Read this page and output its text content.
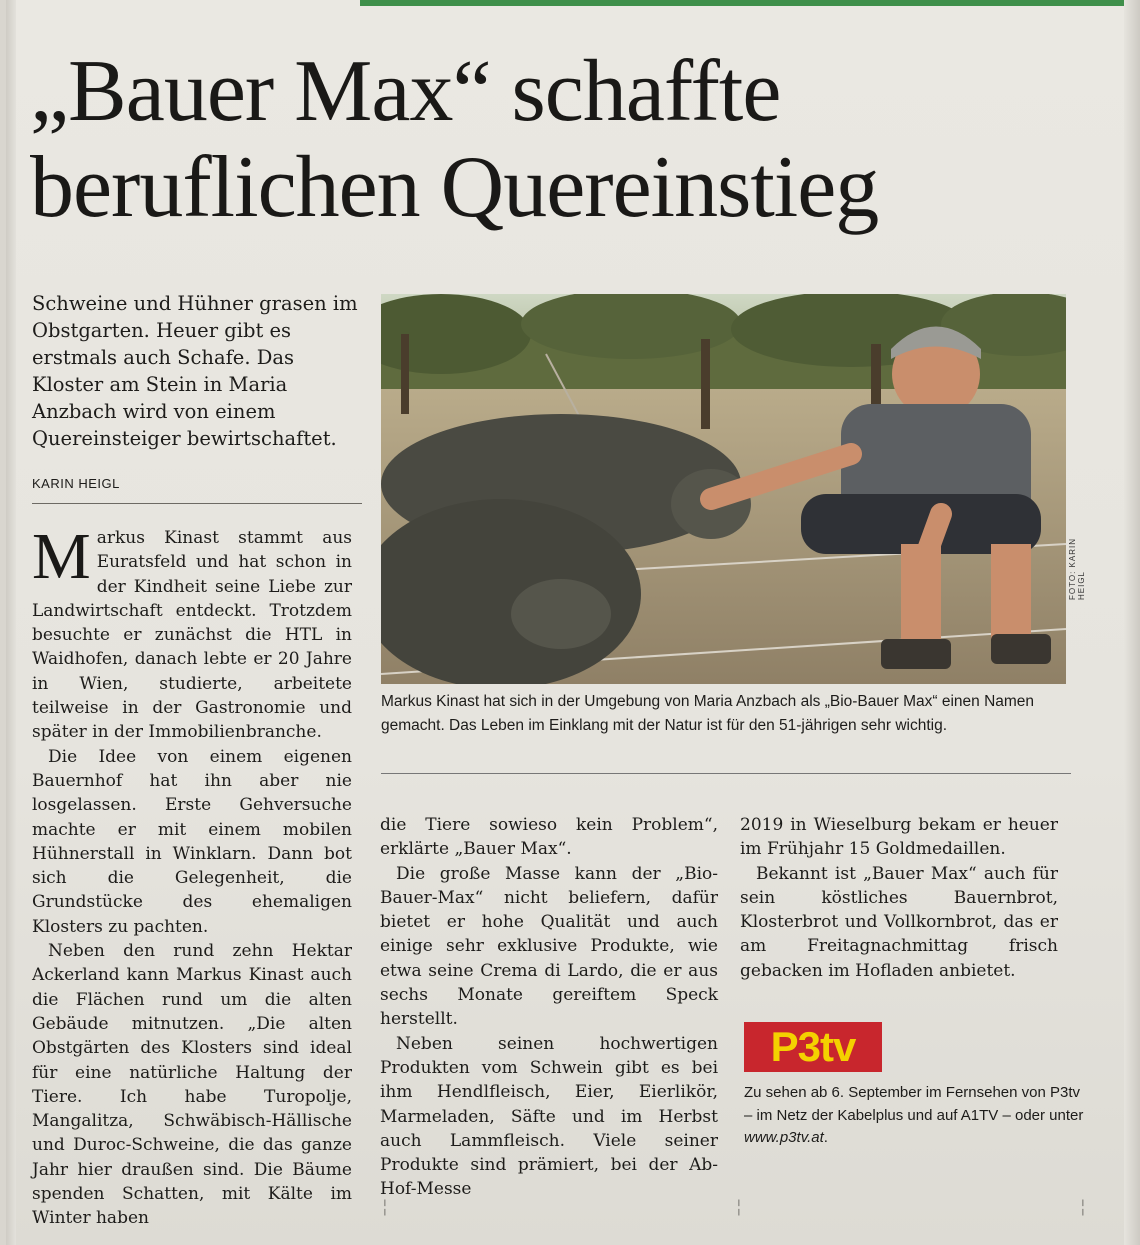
„Bauer Max“ schaffte beruflichen Quereinstieg
Schweine und Hühner grasen im Obstgarten. Heuer gibt es erstmals auch Schafe. Das Kloster am Stein in Maria Anzbach wird von einem Quereinsteiger bewirtschaftet.
KARIN HEIGL

Markus Kinast stammt aus Euratsfeld und hat schon in der Kindheit seine Liebe zur Landwirtschaft entdeckt. Trotzdem besuchte er zunächst die HTL in Waidhofen, danach lebte er 20 Jahre in Wien, studierte, arbeitete teilweise in der Gastronomie und später in der Immobilienbranche.

Die Idee von einem eigenen Bauernhof hat ihn aber nie losgelassen. Erste Gehversuche machte er mit einem mobilen Hühnerstall in Winklarn. Dann bot sich die Gelegenheit, die Grundstücke des ehemaligen Klosters zu pachten.

Neben den rund zehn Hektar Ackerland kann Markus Kinast auch die Flächen rund um die alten Gebäude mitnutzen. „Die alten Obstgärten des Klosters sind ideal für eine natürliche Haltung der Tiere. Ich habe Turopolje, Mangalitza, Schwäbisch-Hällische und Duroc-Schweine, die das ganze Jahr hier draußen sind. Die Bäume spenden Schatten, mit Kälte im Winter haben

FOTO: KARIN HEIGL
Markus Kinast hat sich in der Umgebung von Maria Anzbach als „Bio-Bauer Max“ einen Namen gemacht. Das Leben im Einklang mit der Natur ist für den 51-jährigen sehr wichtig.

die Tiere sowieso kein Problem“, erklärte „Bauer Max“.

Die große Masse kann der „Bio-Bauer-Max“ nicht beliefern, dafür bietet er hohe Qualität und auch einige sehr exklusive Produkte, wie etwa seine Crema di Lardo, die er aus sechs Monate gereiftem Speck herstellt.

Neben seinen hochwertigen Produkten vom Schwein gibt es bei ihm Hendlfleisch, Eier, Eierlikör, Marmeladen, Säfte und im Herbst auch Lammfleisch. Viele seiner Produkte sind prämiert, bei der Ab-Hof-Messe

2019 in Wieselburg bekam er heuer im Frühjahr 15 Goldmedaillen.

Bekannt ist „Bauer Max“ auch für sein köstliches Bauernbrot, Klosterbrot und Vollkornbrot, das er am Freitagnachmittag frisch gebacken im Hofladen anbietet.

P3tv
Zu sehen ab 6. September im Fernsehen von P3tv – im Netz der Kabelplus und auf A1TV – oder unter www.p3tv.at.
╎	╎	╎
